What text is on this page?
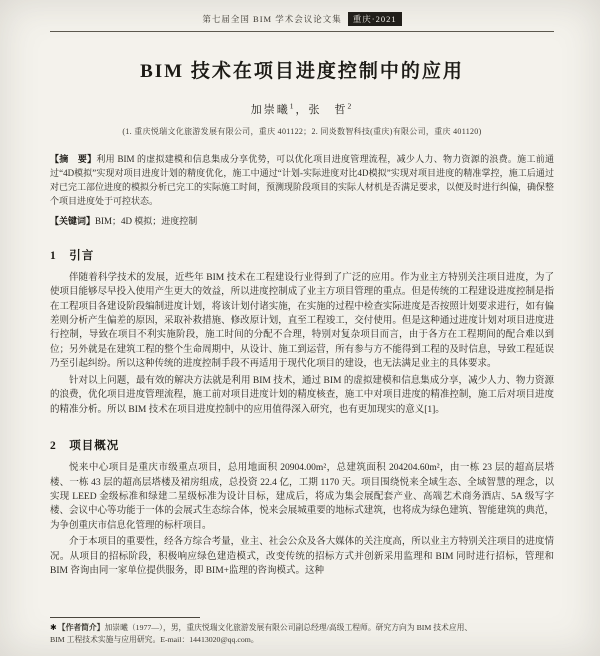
第七届全国 BIM 学术会议论文集	重庆·2021
BIM 技术在项目进度控制中的应用
加崇曦$^1$，张　哲$^2$
(1. 重庆悦瑞文化旅游发展有限公司，重庆 401122；2. 同炎数智科技(重庆)有限公司，重庆 401120)
【摘　要】利用 BIM 的虚拟建模和信息集成分享优势，可以优化项目进度管理流程，减少人力、物力资源的浪费。施工前通过“4D模拟”实现对项目进度计划的精度优化，施工中通过“计划-实际进度对比4D模拟”实现对项目进度的精准掌控，施工后通过对已完工部位进度的模拟分析已完工的实际施工时间，预测现阶段项目的实际人材机是否满足要求，以便及时进行纠偏，确保整个项目进度处于可控状态。
【关键词】BIM；4D 模拟；进度控制
1　引言

伴随着科学技术的发展，近些年 BIM 技术在工程建设行业得到了广泛的应用。作为业主方特别关注项目进度，为了使项目能够尽早投入使用产生更大的效益，所以进度控制成了业主方项目管理的重点。但是传统的工程建设进度控制是指在工程项目各建设阶段编制进度计划，将该计划付诸实施，在实施的过程中检查实际进度是否按照计划要求进行，如有偏差则分析产生偏差的原因，采取补救措施、修改原计划，直至工程竣工，交付使用。但是这种通过进度计划对项目进度进行控制，导致在项目不利实施阶段，施工时间的分配不合理，特别对复杂项目而言，由于各方在工程期间的配合难以到位；另外就是在建筑工程的整个生命周期中，从设计、施工到运营，所有参与方不能得到工程的及时信息，导致工程延误乃至引起纠纷。所以这种传统的进度控制手段不再适用于现代化项目的建设，也无法满足业主的具体要求。

针对以上问题，最有效的解决方法就是利用 BIM 技术，通过 BIM 的虚拟建模和信息集成分享，减少人力、物力资源的浪费，优化项目进度管理流程，施工前对项目进度计划的精度核查，施工中对项目进度的精准控制，施工后对项目进度的精准分析。所以 BIM 技术在项目进度控制中的应用值得深入研究，也有更加现实的意义[1]。

2　项目概况

悦来中心项目是重庆市级重点项目，总用地面积 20904.00m²，总建筑面积 204204.60m²，由一栋 23 层的超高层塔楼、一栋 43 层的超高层塔楼及裙房组成，总投资 22.4 亿，工期 1170 天。项目围绕悦来全域生态、全域智慧的理念，以实现 LEED 金级标准和绿建二星级标准为设计目标，建成后，将成为集会展配套产业、高端艺术商务酒店、5A 级写字楼、会议中心等功能于一体的会展式生态综合体，悦来会展城重要的地标式建筑，也将成为绿色建筑、智能建筑的典范，为争创重庆市信息化管理的标杆项目。

介于本项目的重要性，经各方综合考量，业主、社会公众及各大媒体的关注度高，所以业主方特别关注项目的进度情况。从项目的招标阶段，积极响应绿色建造模式，改变传统的招标方式并创新采用监理和 BIM 同时进行招标，管理和 BIM 咨询由同一家单位提供服务，即 BIM+监理的咨询模式。这种

✱【作者简介】加崇曦（1977—），男，重庆悦瑞文化旅游发展有限公司副总经理/高级工程师。研究方向为 BIM 技术应用、
BIM 工程技术实施与应用研究。E-mail：14413020@qq.com。
